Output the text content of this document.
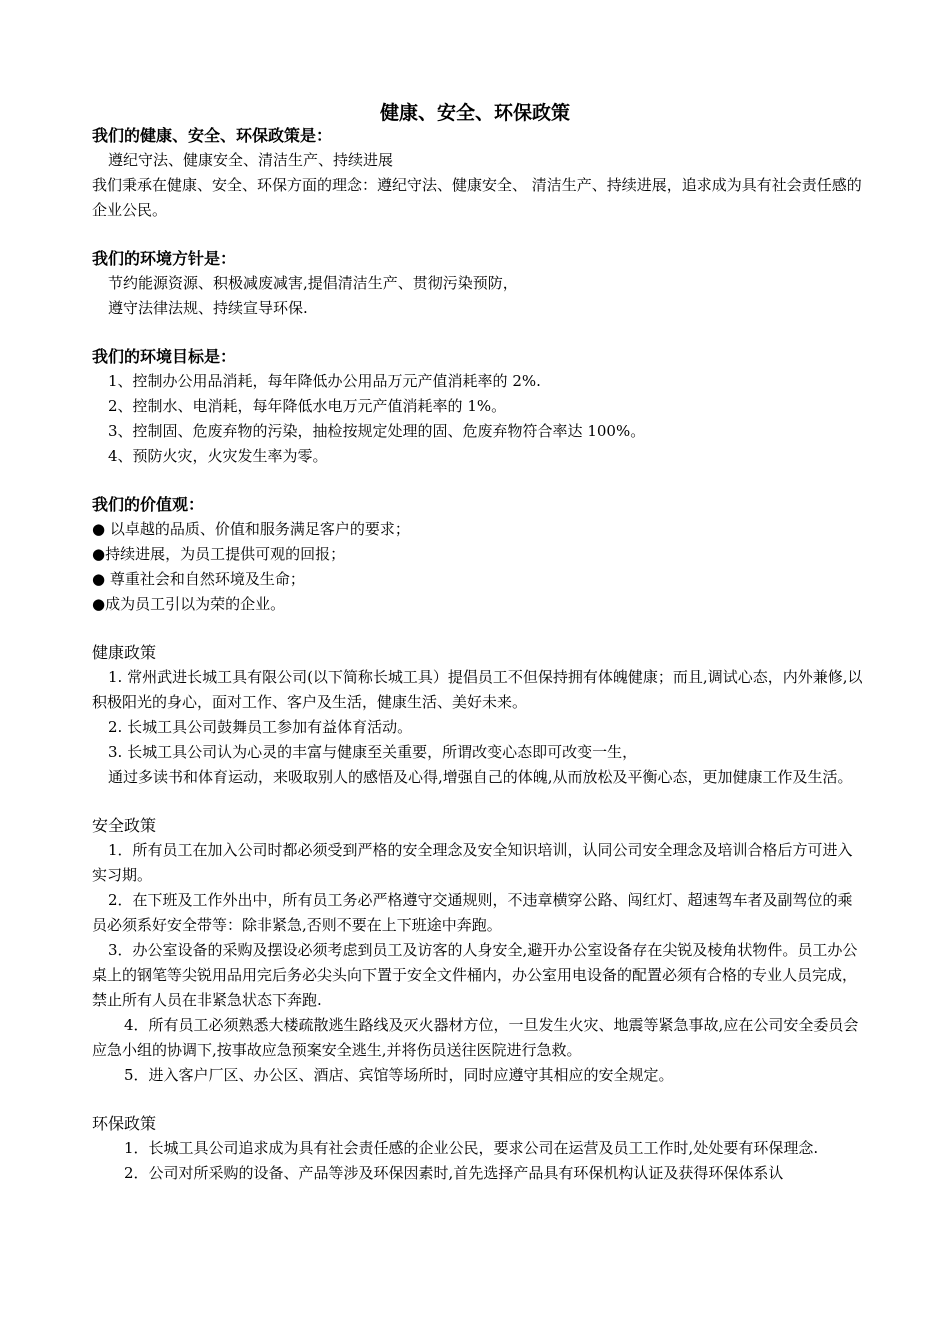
健康、安全、环保政策
我们的健康、安全、环保政策是：
遵纪守法、健康安全、清洁生产、持续进展
我们秉承在健康、安全、环保方面的理念：遵纪守法、健康安全、 清洁生产、持续进展，追求成为具有社会责任感的企业公民。
我们的环境方针是：
节约能源资源、积极减废减害,提倡清洁生产、贯彻污染预防，
遵守法律法规、持续宣导环保.
我们的环境目标是：
1、控制办公用品消耗，每年降低办公用品万元产值消耗率的 2%.
2、控制水、电消耗，每年降低水电万元产值消耗率的 1%。
3、控制固、危废弃物的污染，抽检按规定处理的固、危废弃物符合率达 100%。
4、预防火灾，火灾发生率为零。
我们的价值观：
● 以卓越的品质、价值和服务满足客户的要求；
●持续进展，为员工提供可观的回报；
● 尊重社会和自然环境及生命；
●成为员工引以为荣的企业。
健康政策
1. 常州武进长城工具有限公司(以下简称长城工具）提倡员工不但保持拥有体魄健康；而且,调试心态，内外兼修,以积极阳光的身心，面对工作、客户及生活，健康生活、美好未来。
2. 长城工具公司鼓舞员工参加有益体育活动。
3. 长城工具公司认为心灵的丰富与健康至关重要，所谓改变心态即可改变一生，
通过多读书和体育运动，来吸取别人的感悟及心得,增强自己的体魄,从而放松及平衡心态，更加健康工作及生活。
安全政策
1．所有员工在加入公司时都必须受到严格的安全理念及安全知识培训，认同公司安全理念及培训合格后方可进入实习期。
2．在下班及工作外出中，所有员工务必严格遵守交通规则，不违章横穿公路、闯红灯、超速驾车者及副驾位的乘员必须系好安全带等：除非紧急,否则不要在上下班途中奔跑。
3．办公室设备的采购及摆设必须考虑到员工及访客的人身安全,避开办公室设备存在尖锐及棱角状物件。员工办公桌上的钢笔等尖锐用品用完后务必尖头向下置于安全文件桶内，办公室用电设备的配置必须有合格的专业人员完成，禁止所有人员在非紧急状态下奔跑.
4．所有员工必须熟悉大楼疏散逃生路线及灭火器材方位，一旦发生火灾、地震等紧急事故,应在公司安全委员会应急小组的协调下,按事故应急预案安全逃生,并将伤员送往医院进行急救。
5．进入客户厂区、办公区、酒店、宾馆等场所时，同时应遵守其相应的安全规定。
环保政策
1．长城工具公司追求成为具有社会责任感的企业公民，要求公司在运营及员工工作时,处处要有环保理念.
2．公司对所采购的设备、产品等涉及环保因素时,首先选择产品具有环保机构认证及获得环保体系认
